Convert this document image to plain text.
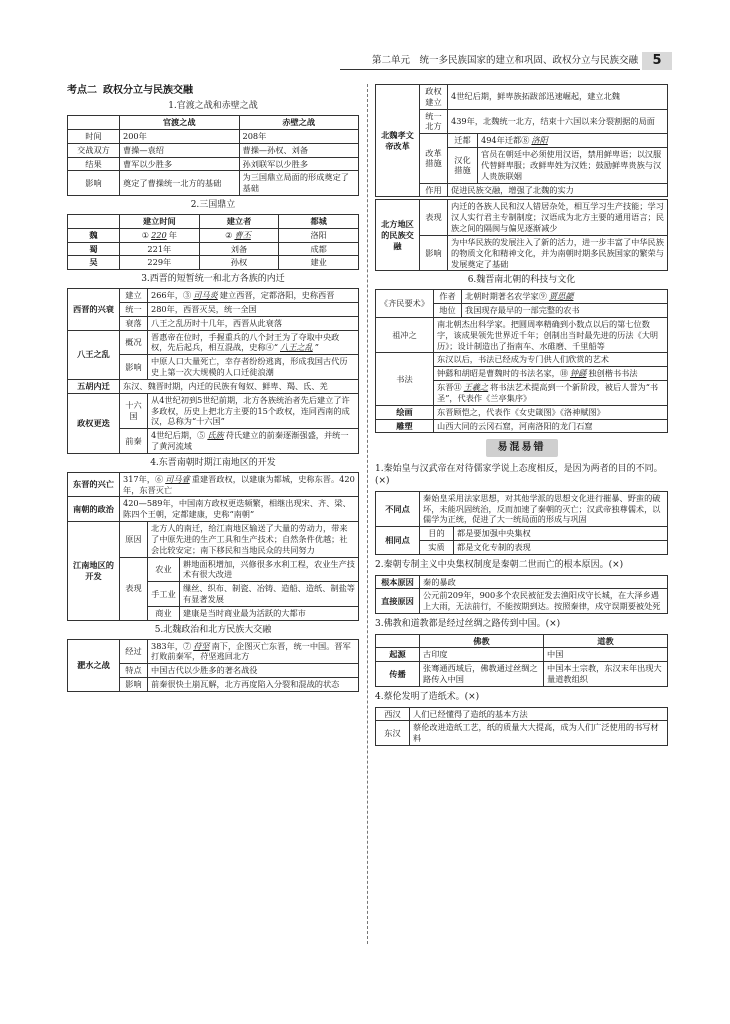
第二单元　统一多民族国家的建立和巩固、政权分立与民族交融	5
考点二 政权分立与民族交融
1.官渡之战和赤壁之战
	官渡之战	赤壁之战
时间	200年	208年
交战双方	曹操—袁绍	曹操—孙权、刘备
结果	曹军以少胜多	孙刘联军以少胜多
影响	奠定了曹操统一北方的基础	为三国鼎立局面的形成奠定了基础
2.三国鼎立
	建立时间	建立者	都城
魏	① 220 年	② 曹丕	洛阳
蜀	221年	刘备	成都
吴	229年	孙权	建业
3.西晋的短暂统一和北方各族的内迁
西晋的兴衰	建立	266年，③ 司马炎 建立西晋，定都洛阳，史称西晋
	统一	280年，西晋灭吴，统一全国
	衰落	八王之乱历时十几年，西晋从此衰落
八王之乱	概况	晋惠帝在位时，手握重兵的八个封王为了夺取中央政权，先后起兵，相互混战，史称④“ 八王之乱 ”
	影响	中原人口大量死亡，幸存者纷纷逃离，形成我国古代历史上第一次大规模的人口迁徙浪潮
五胡内迁	东汉、魏晋时期，内迁的民族有匈奴、鲜卑、羯、氐、羌	
政权更迭	十六国	从4世纪初到5世纪前期，北方各族统治者先后建立了许多政权，历史上把北方主要的15个政权，连同西南的成汉，总称为“十六国”
	前秦	4世纪后期，⑤ 氐族 苻氏建立的前秦逐渐强盛，并统一了黄河流域
4.东晋南朝时期江南地区的开发
东晋的兴亡	317年，⑥ 司马睿 重建晋政权，以建康为都城，史称东晋。420年，东晋灭亡		
南朝的政治	420—589年，中国南方政权更迭频繁，相继出现宋、齐、梁、陈四个王朝，定都建康，史称“南朝”		
江南地区的开发	原因	北方人的南迁，给江南地区输送了大量的劳动力，带来了中原先进的生产工具和生产技术；自然条件优越；社会比较安定；南下移民和当地民众的共同努力	
	表现	农业	耕地面积增加，兴修很多水利工程，农业生产技术有很大改进
		手工业	缫丝、织布、制瓷、冶铸、造船、造纸、制盐等有显著发展
		商业	建康是当时商业最为活跃的大都市
5.北魏政治和北方民族大交融
淝水之战	经过	383年，⑦ 苻坚 南下，企图灭亡东晋，统一中国。晋军打败前秦军，苻坚逃回北方
	特点	中国古代以少胜多的著名战役
	影响	前秦很快土崩瓦解，北方再度陷入分裂和混战的状态
北魏孝文帝改革	政权建立	4世纪后期，鲜卑族拓跋部迅速崛起，建立北魏	
	统一北方	439年，北魏统一北方，结束十六国以来分裂割据的局面	
	改革措施	迁都	494年迁都⑧ 洛阳
		汉化措施	官员在朝廷中必须使用汉语，禁用鲜卑语；以汉服代替鲜卑服；改鲜卑姓为汉姓；鼓励鲜卑贵族与汉人贵族联姻
	作用	促进民族交融，增强了北魏的实力	
北方地区的民族交融	表现	内迁的各族人民和汉人错居杂处，相互学习生产技能；学习汉人实行君主专制制度；汉语成为北方主要的通用语言；民族之间的隔阂与偏见逐渐减少
	影响	为中华民族的发展注入了新的活力，进一步丰富了中华民族的物质文化和精神文化，并为南朝时期多民族国家的繁荣与发展奠定了基础
6.魏晋南北朝的科技与文化
《齐民要术》	作者	北朝时期著名农学家⑨ 贾思勰
	地位	我国现存最早的一部完整的农书
祖冲之	南北朝杰出科学家。把圆周率精确到小数点以后的第七位数字，该成果领先世界近千年；创制出当时最先进的历法《大明历》；设计制造出了指南车、水碓磨、千里船等	
书法	东汉以后，书法已经成为专门供人们欣赏的艺术	
	钟繇和胡昭是曹魏时的书法名家，⑩ 钟繇 独创楷书书法	
	东晋⑪ 王羲之 将书法艺术提高到一个新阶段，被后人誉为“书圣”，代表作《兰亭集序》	
绘画	东晋顾恺之，代表作《女史箴图》《洛神赋图》	
雕塑	山西大同的云冈石窟，河南洛阳的龙门石窟	
易混易错
1.秦始皇与汉武帝在对待儒家学说上态度相反，是因为两者的目的不同。(×)
不同点	秦始皇采用法家思想，对其他学派的思想文化进行摧暴、野蛮的破坏，未能巩固统治，反而加速了秦朝的灭亡；汉武帝独尊儒术，以儒学为正统，促进了大一统局面的形成与巩固	
相同点	目的	都是要加强中央集权
	实质	都是文化专制的表现
2.秦朝专制主义中央集权制度是秦朝二世而亡的根本原因。(×)
根本原因	秦的暴政
直接原因	公元前209年，900多个农民被征发去渔阳戍守长城，在大泽乡遇上大雨，无法前行，不能按期到达。按照秦律，戍守误期要被处死
3.佛教和道教都是经过丝绸之路传到中国。(×)
	佛教	道教
起源	古印度	中国
传播	张骞通西域后，佛教通过丝绸之路传入中国	中国本土宗教，东汉末年出现大量道教组织
4.蔡伦发明了造纸术。(×)
西汉	人们已经懂得了造纸的基本方法
东汉	蔡伦改进造纸工艺，纸的质量大大提高，成为人们广泛使用的书写材料
